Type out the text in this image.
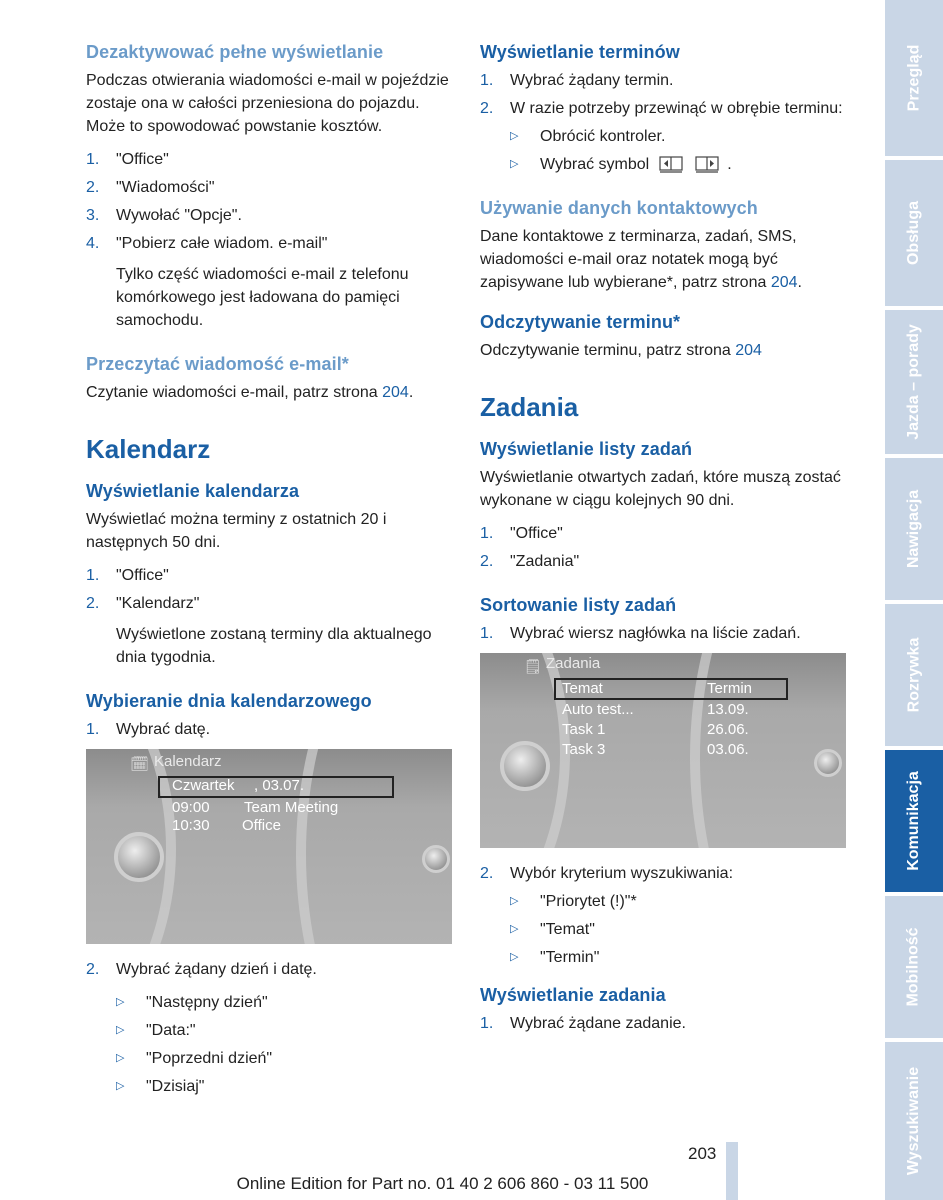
Dezaktywować pełne wyświetlanie
Podczas otwierania wiadomości e-mail w pojeździe zostaje ona w całości przeniesiona do pojazdu. Może to spowodować powstanie kosztów.
1.	"Office"
2.	"Wiadomości"
3.	Wywołać "Opcje".
4.	"Pobierz całe wiadom. e-mail"
Tylko część wiadomości e-mail z telefonu komórkowego jest ładowana do pamięci samochodu.
Przeczytać wiadomość e-mail*
Czytanie wiadomości e-mail, patrz strona 204.
Kalendarz
Wyświetlanie kalendarza
Wyświetlać można terminy z ostatnich 20 i następnych 50 dni.
1.	"Office"
2.	"Kalendarz"
Wyświetlone zostaną terminy dla aktualnego dnia tygodnia.
Wybieranie dnia kalendarzowego
1.	Wybrać datę.
🗓 Kalendarz
Czwartek , 03.07.
09:00 Team Meeting
10:30 Office
2.	Wybrać żądany dzień i datę.
▷	"Następny dzień"
▷	"Data:"
▷	"Poprzedni dzień"
▷	"Dzisiaj"
Wyświetlanie terminów
1.	Wybrać żądany termin.
2.	W razie potrzeby przewinąć w obrębie terminu:
▷	Obrócić kontroler.
▷	Wybrać symbol	.
Używanie danych kontaktowych
Dane kontaktowe z terminarza, zadań, SMS, wiadomości e-mail oraz notatek mogą być zapisywane lub wybierane*, patrz strona 204.
Odczytywanie terminu*
Odczytywanie terminu, patrz strona 204
Zadania
Wyświetlanie listy zadań
Wyświetlanie otwartych zadań, które muszą zostać wykonane w ciągu kolejnych 90 dni.
1.	"Office"
2.	"Zadania"
Sortowanie listy zadań
1.	Wybrać wiersz nagłówka na liście zadań.
🗒 Zadania
Temat	Termin
Auto test...	13.09.
Task 1	26.06.
Task 3	03.06.
2.	Wybór kryterium wyszukiwania:
▷	"Priorytet (!)"*
▷	"Temat"
▷	"Termin"
Wyświetlanie zadania
1.	Wybrać żądane zadanie.
Przegląd
Obsługa
Jazda – porady
Nawigacja
Rozrywka
Komunikacja
Mobilność
Wyszukiwanie
203
Online Edition for Part no. 01 40 2 606 860 - 03 11 500
